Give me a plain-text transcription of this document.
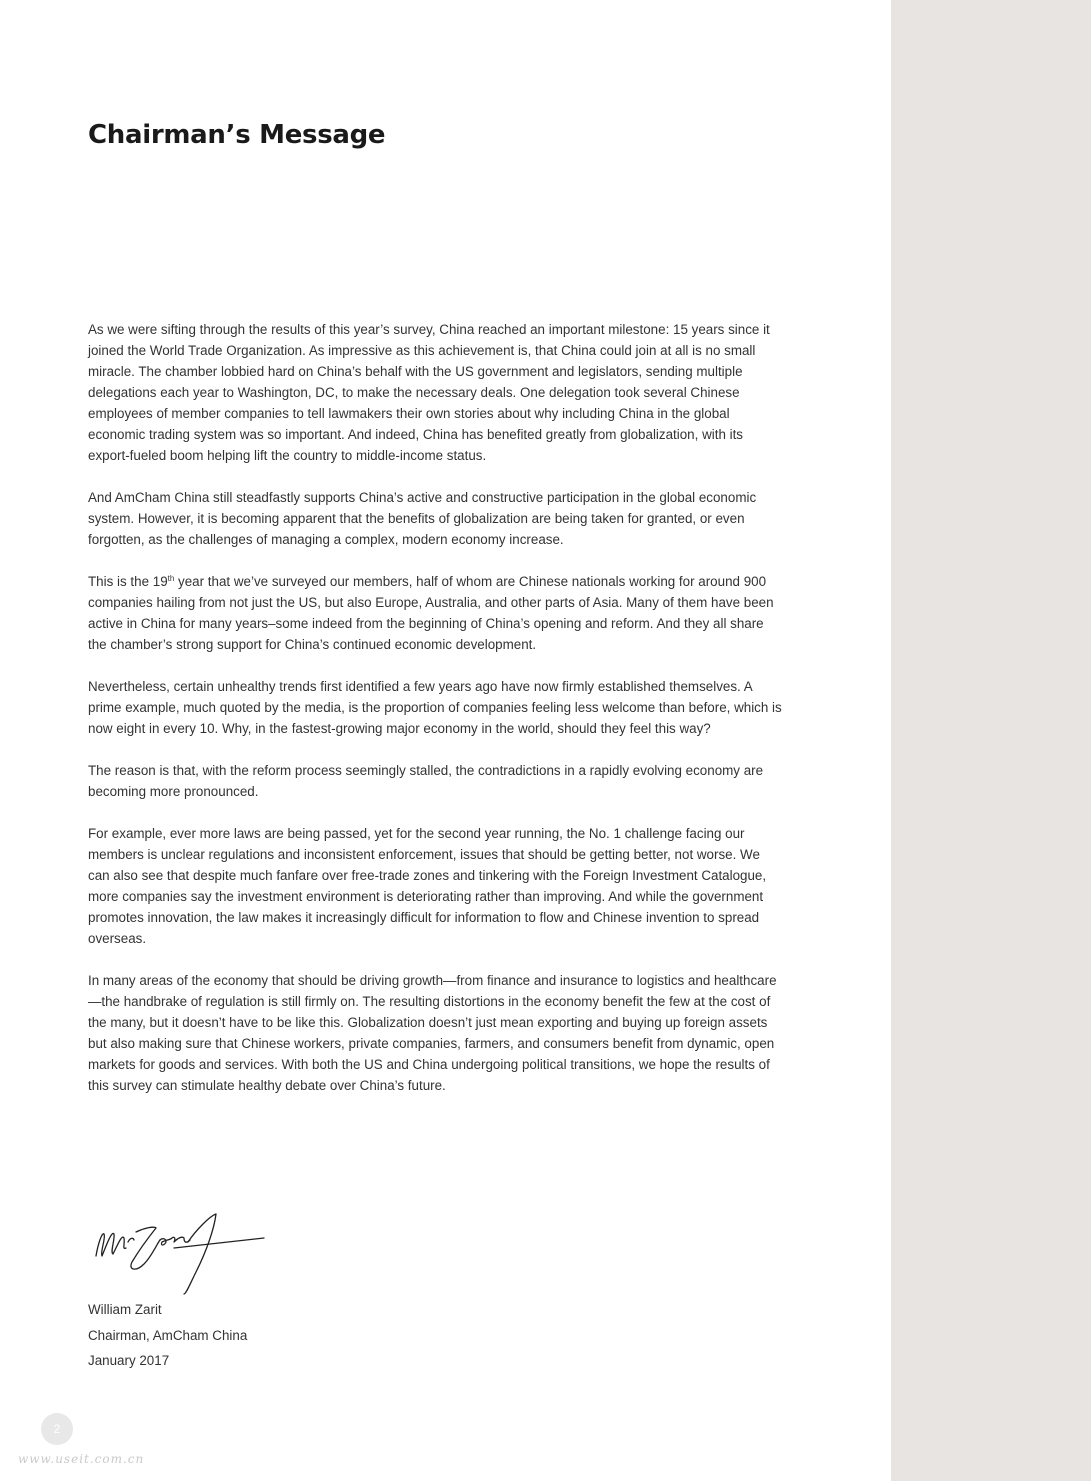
Chairman’s Message

As we were sifting through the results of this year’s survey, China reached an important milestone: 15 years since it joined the World Trade Organization. As impressive as this achievement is, that China could join at all is no small miracle. The chamber lobbied hard on China’s behalf with the US government and legislators, sending multiple delegations each year to Washington, DC, to make the necessary deals. One delegation took several Chinese employees of member companies to tell lawmakers their own stories about why including China in the global economic trading system was so important. And indeed, China has benefited greatly from globalization, with its export-fueled boom helping lift the country to middle-income status.

And AmCham China still steadfastly supports China’s active and constructive participation in the global economic system. However, it is becoming apparent that the benefits of globalization are being taken for granted, or even forgotten, as the challenges of managing a complex, modern economy increase.

This is the 19th year that we’ve surveyed our members, half of whom are Chinese nationals working for around 900 companies hailing from not just the US, but also Europe, Australia, and other parts of Asia. Many of them have been active in China for many years–some indeed from the beginning of China’s opening and reform. And they all share the chamber’s strong support for China’s continued economic development.

Nevertheless, certain unhealthy trends first identified a few years ago have now firmly established themselves. A prime example, much quoted by the media, is the proportion of companies feeling less welcome than before, which is now eight in every 10. Why, in the fastest-growing major economy in the world, should they feel this way?

The reason is that, with the reform process seemingly stalled, the contradictions in a rapidly evolving economy are becoming more pronounced.

For example, ever more laws are being passed, yet for the second year running, the No. 1 challenge facing our members is unclear regulations and inconsistent enforcement, issues that should be getting better, not worse. We can also see that despite much fanfare over free-trade zones and tinkering with the Foreign Investment Catalogue, more companies say the investment environment is deteriorating rather than improving. And while the government promotes innovation, the law makes it increasingly difficult for information to flow and Chinese invention to spread overseas.

In many areas of the economy that should be driving growth—from finance and insurance to logistics and healthcare—the handbrake of regulation is still firmly on. The resulting distortions in the economy benefit the few at the cost of the many, but it doesn’t have to be like this. Globalization doesn’t just mean exporting and buying up foreign assets but also making sure that Chinese workers, private companies, farmers, and consumers benefit from dynamic, open markets for goods and services. With both the US and China undergoing political transitions, we hope the results of this survey can stimulate healthy debate over China’s future.

William Zarit
Chairman, AmCham China
January 2017
2
www.useit.com.cn
